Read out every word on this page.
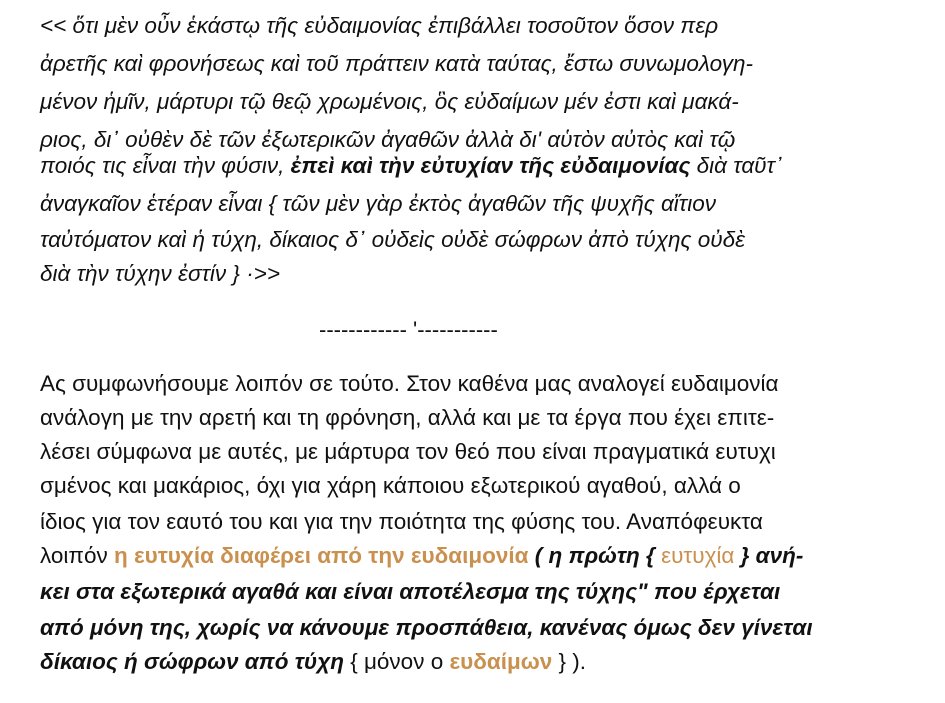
<< ὅτι μὲν οὖν ἑκάστῳ τῆς εὐδαιμονίας ἐπιβάλλει τοσοῦτον ὅσον περ
ἀρετῆς καὶ φρονήσεως καὶ τοῦ πράττειν κατὰ ταύτας, ἔστω συνωμολογη-
μένον ἡμῖν, μάρτυρι τῷ θεῷ χρωμένοις, ὃς εὐδαίμων μέν ἐστι καὶ μακά-
ριος, δι᾽ οὐθὲν δὲ τῶν ἐξωτερικῶν ἀγαθῶν ἀλλὰ δι' αὑτὸν αὐτὸς καὶ τῷ
ποιός τις εἶναι τὴν φύσιν, ἐπεὶ καὶ τὴν εὐτυχίαν τῆς εὐδαιμονίας διὰ ταῦτ᾽
ἀναγκαῖον ἑτέραν εἶναι { τῶν μὲν γὰρ ἐκτὸς ἀγαθῶν τῆς ψυχῆς αἴτιον
ταὐτόματον καὶ ἡ τύχη, δίκαιος δ᾽ οὐδεὶς οὐδὲ σώφρων ἀπὸ τύχης οὐδὲ
διὰ τὴν τύχην ἐστίν } ·>>
------------ '-----------
Ας συμφωνήσουμε λοιπόν σε τούτο. Στον καθένα μας αναλογεί ευδαιμονία
ανάλογη με την αρετή και τη φρόνηση, αλλά και με τα έργα που έχει επιτε-
λέσει σύμφωνα με αυτές, με μάρτυρα τον θεό που είναι πραγματικά ευτυχι
σμένος και μακάριος, όχι για χάρη κάποιου εξωτερικού αγαθού, αλλά ο
ίδιος για τον εαυτό του και για την ποιότητα της φύσης του. Αναπόφευκτα
λοιπόν η ευτυχία διαφέρει από την ευδαιμονία ( η πρώτη { ευτυχία } ανή-
κει στα εξωτερικά αγαθά και είναι αποτέλεσμα της τύχης" που έρχεται
από μόνη της, χωρίς να κάνουμε προσπάθεια, κανένας όμως δεν γίνεται
δίκαιος ή σώφρων από τύχη { μόνον ο ευδαίμων } ).
